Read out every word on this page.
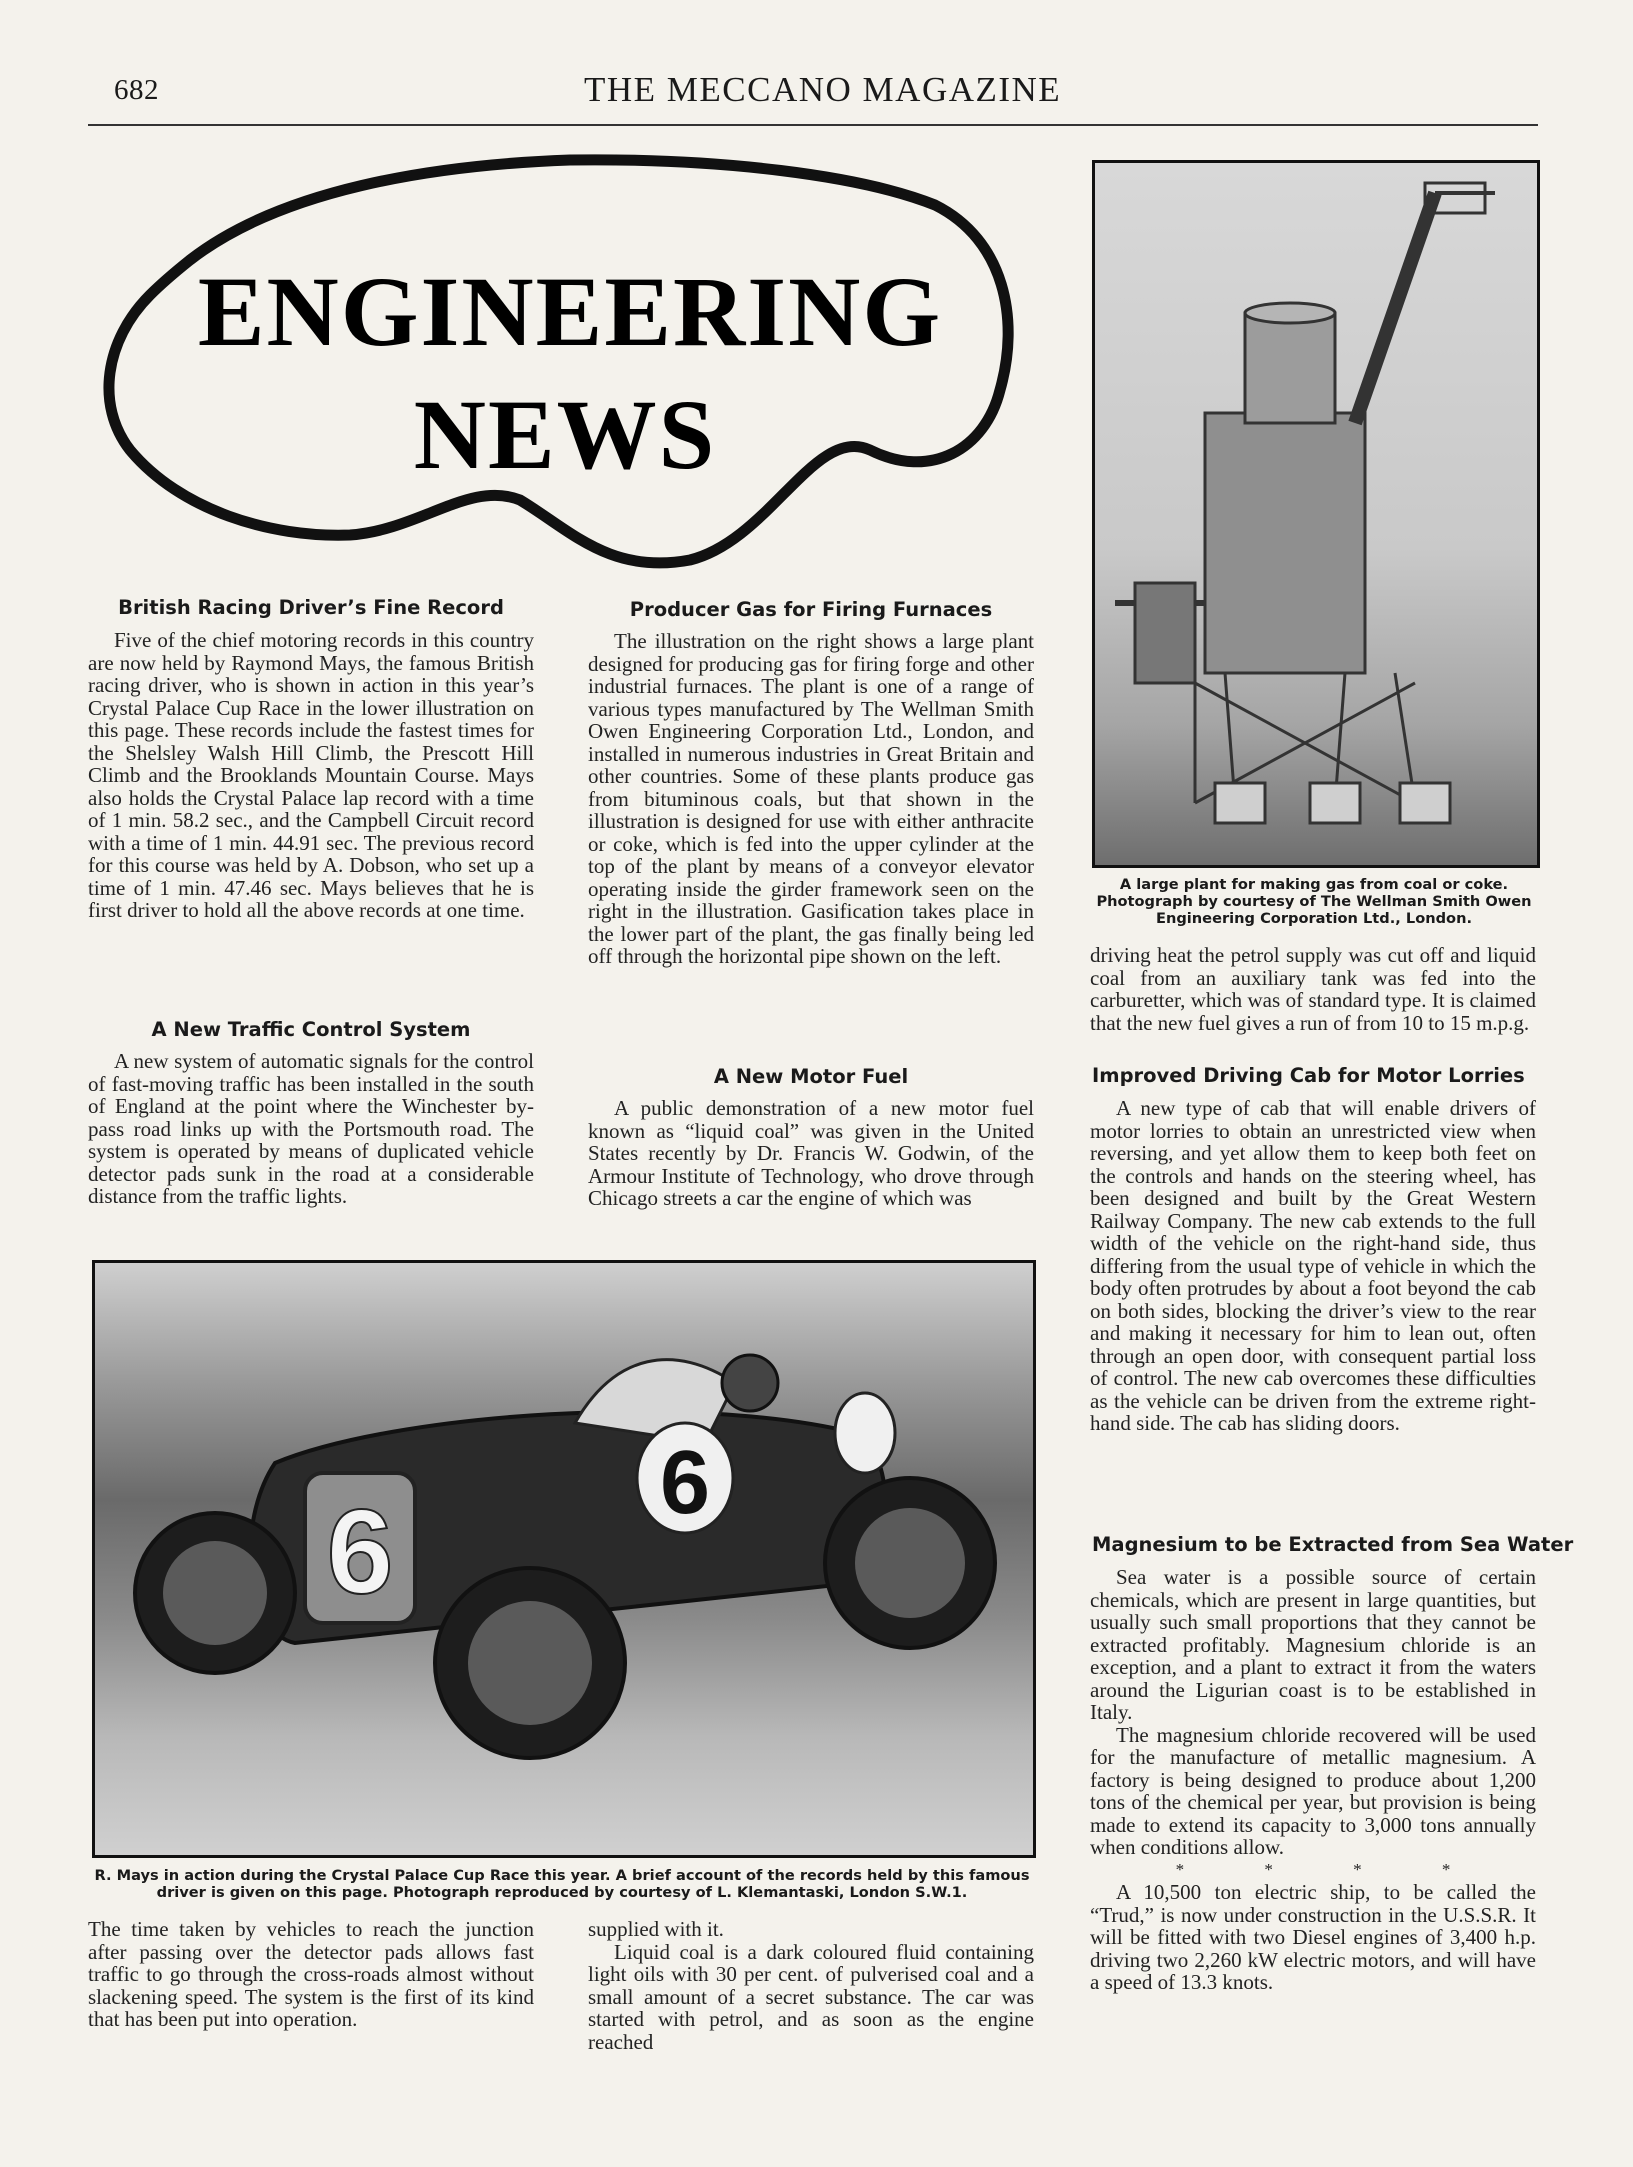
682	THE MECCANO MAGAZINE
ENGINEERING
NEWS
A large plant for making gas from coal or coke. Photograph by courtesy of The Wellman Smith Owen Engineering Corporation Ltd., London.
British Racing Driver’s Fine Record

Five of the chief motoring records in this country are now held by Raymond Mays, the famous British racing driver, who is shown in action in this year’s Crystal Palace Cup Race in the lower illustration on this page. These records include the fastest times for the Shelsley Walsh Hill Climb, the Prescott Hill Climb and the Brooklands Mountain Course. Mays also holds the Crystal Palace lap record with a time of 1 min. 58.2 sec., and the Campbell Circuit record with a time of 1 min. 44.91 sec. The previous record for this course was held by A. Dobson, who set up a time of 1 min. 47.46 sec. Mays believes that he is first driver to hold all the above records at one time.

A New Traffic Control System

A new system of automatic signals for the control of fast-moving traffic has been installed in the south of England at the point where the Winchester by-pass road links up with the Portsmouth road. The system is operated by means of duplicated vehicle detector pads sunk in the road at a considerable distance from the traffic lights.

Producer Gas for Firing Furnaces

The illustration on the right shows a large plant designed for producing gas for firing forge and other industrial furnaces. The plant is one of a range of various types manufactured by The Wellman Smith Owen Engineering Corporation Ltd., London, and installed in numerous industries in Great Britain and other countries. Some of these plants produce gas from bituminous coals, but that shown in the illustration is designed for use with either anthracite or coke, which is fed into the upper cylinder at the top of the plant by means of a conveyor elevator operating inside the girder framework seen on the right in the illustration. Gasification takes place in the lower part of the plant, the gas finally being led off through the horizontal pipe shown on the left.

A New Motor Fuel

A public demonstration of a new motor fuel known as “liquid coal” was given in the United States recently by Dr. Francis W. Godwin, of the Armour Institute of Technology, who drove through Chicago streets a car the engine of which was

6
6
R. Mays in action during the Crystal Palace Cup Race this year. A brief account of the records held by this famous driver is given on this page. Photograph reproduced by courtesy of L. Klemantaski, London S.W.1.

The time taken by vehicles to reach the junction after passing over the detector pads allows fast traffic to go through the cross-roads almost without slackening speed. The system is the first of its kind that has been put into operation.

supplied with it.

Liquid coal is a dark coloured fluid containing light oils with 30 per cent. of pulverised coal and a small amount of a secret substance. The car was started with petrol, and as soon as the engine reached

driving heat the petrol supply was cut off and liquid coal from an auxiliary tank was fed into the carburetter, which was of standard type. It is claimed that the new fuel gives a run of from 10 to 15 m.p.g.

Improved Driving Cab for Motor Lorries

A new type of cab that will enable drivers of motor lorries to obtain an unrestricted view when reversing, and yet allow them to keep both feet on the controls and hands on the steering wheel, has been designed and built by the Great Western Railway Company. The new cab extends to the full width of the vehicle on the right-hand side, thus differing from the usual type of vehicle in which the body often protrudes by about a foot beyond the cab on both sides, blocking the driver’s view to the rear and making it necessary for him to lean out, often through an open door, with consequent partial loss of control. The new cab overcomes these difficulties as the vehicle can be driven from the extreme right-hand side. The cab has sliding doors.

Magnesium to be Extracted from Sea Water

Sea water is a possible source of certain chemicals, which are present in large quantities, but usually such small proportions that they cannot be extracted profitably. Magnesium chloride is an exception, and a plant to extract it from the waters around the Ligurian coast is to be established in Italy.

The magnesium chloride recovered will be used for the manufacture of metallic magnesium. A factory is being designed to produce about 1,200 tons of the chemical per year, but provision is being made to extend its capacity to 3,000 tons annually when conditions allow.

* * * *

A 10,500 ton electric ship, to be called the “Trud,” is now under construction in the U.S.S.R. It will be fitted with two Diesel engines of 3,400 h.p. driving two 2,260 kW electric motors, and will have a speed of 13.3 knots.
